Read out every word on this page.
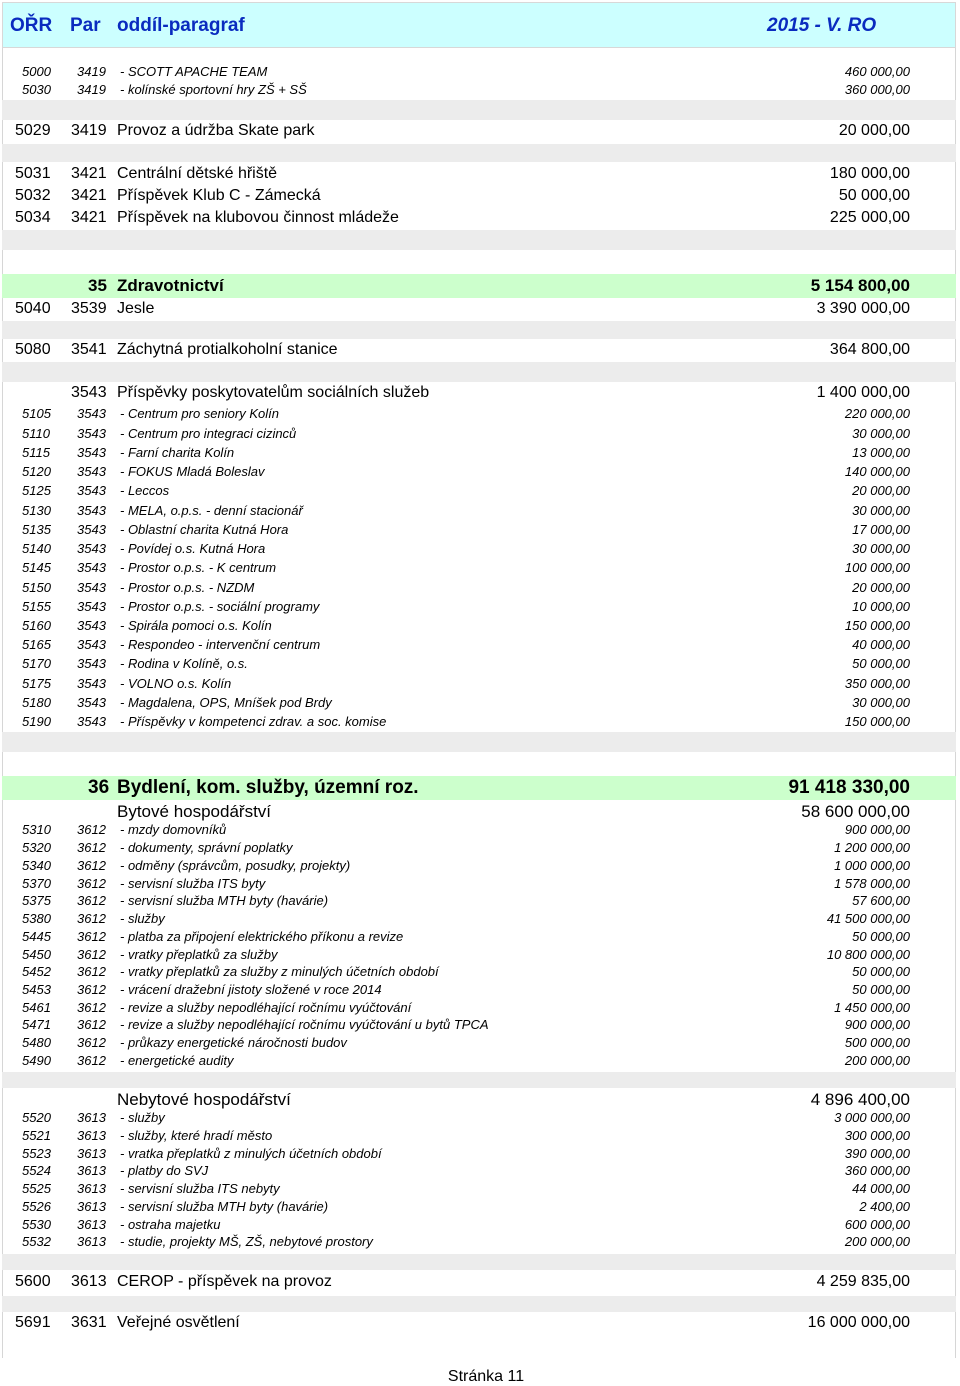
OŘR Par oddíl-paragraf	2015 - V. RO
5000 3419 - SCOTT APACHE TEAM	460 000,00
5030 3419 - kolínské sportovní hry ZŠ + SŠ	360 000,00
5029 3419 Provoz a údržba Skate park	20 000,00
5031 3421 Centrální dětské hřiště	180 000,00
5032 3421 Příspěvek Klub C - Zámecká	50 000,00
5034 3421 Příspěvek na klubovou činnost mládeže	225 000,00
35 Zdravotnictví	5 154 800,00
5040 3539 Jesle	3 390 000,00
5080 3541 Záchytná protialkoholní stanice	364 800,00
3543 Příspěvky poskytovatelům sociálních služeb	1 400 000,00
5105 3543 - Centrum pro seniory Kolín	220 000,00
5110 3543 - Centrum pro integraci cizinců	30 000,00
5115 3543 - Farní charita Kolín	13 000,00
5120 3543 - FOKUS Mladá Boleslav	140 000,00
5125 3543 - Leccos	20 000,00
5130 3543 - MELA, o.p.s. - denní stacionář	30 000,00
5135 3543 - Oblastní charita Kutná Hora	17 000,00
5140 3543 - Povídej o.s. Kutná Hora	30 000,00
5145 3543 - Prostor o.p.s. - K centrum	100 000,00
5150 3543 - Prostor o.p.s. - NZDM	20 000,00
5155 3543 - Prostor o.p.s. - sociální programy	10 000,00
5160 3543 - Spirála pomoci o.s. Kolín	150 000,00
5165 3543 - Respondeo - intervenční centrum	40 000,00
5170 3543 - Rodina v Kolíně, o.s.	50 000,00
5175 3543 - VOLNO o.s. Kolín	350 000,00
5180 3543 - Magdalena, OPS, Mníšek pod Brdy	30 000,00
5190 3543 - Příspěvky v kompetenci zdrav. a soc. komise	150 000,00
36 Bydlení, kom. služby, územní roz.	91 418 330,00
Bytové hospodářství	58 600 000,00
5310 3612 - mzdy domovníků	900 000,00
5320 3612 - dokumenty, správní poplatky	1 200 000,00
5340 3612 - odměny (správcům, posudky, projekty)	1 000 000,00
5370 3612 - servisní služba ITS byty	1 578 000,00
5375 3612 - servisní služba MTH byty (havárie)	57 600,00
5380 3612 - služby	41 500 000,00
5445 3612 - platba za připojení elektrického příkonu a revize	50 000,00
5450 3612 - vratky přeplatků za služby	10 800 000,00
5452 3612 - vratky přeplatků za služby z minulých účetních období	50 000,00
5453 3612 - vrácení dražební jistoty složené v roce 2014	50 000,00
5461 3612 - revize a služby nepodléhající ročnímu vyúčtování	1 450 000,00
5471 3612 - revize a služby nepodléhající ročnímu vyúčtování u bytů TPCA	900 000,00
5480 3612 - průkazy energetické náročnosti budov	500 000,00
5490 3612 - energetické audity	200 000,00
Nebytové hospodářství	4 896 400,00
5520 3613 - služby	3 000 000,00
5521 3613 - služby, které hradí město	300 000,00
5523 3613 - vratka přeplatků z minulých účetních období	390 000,00
5524 3613 - platby do SVJ	360 000,00
5525 3613 - servisní služba ITS nebyty	44 000,00
5526 3613 - servisní služba MTH byty (havárie)	2 400,00
5530 3613 - ostraha majetku	600 000,00
5532 3613 - studie, projekty MŠ, ZŠ, nebytové prostory	200 000,00
5600 3613 CEROP - příspěvek na provoz	4 259 835,00
5691 3631 Veřejné osvětlení	16 000 000,00
Stránka 11
